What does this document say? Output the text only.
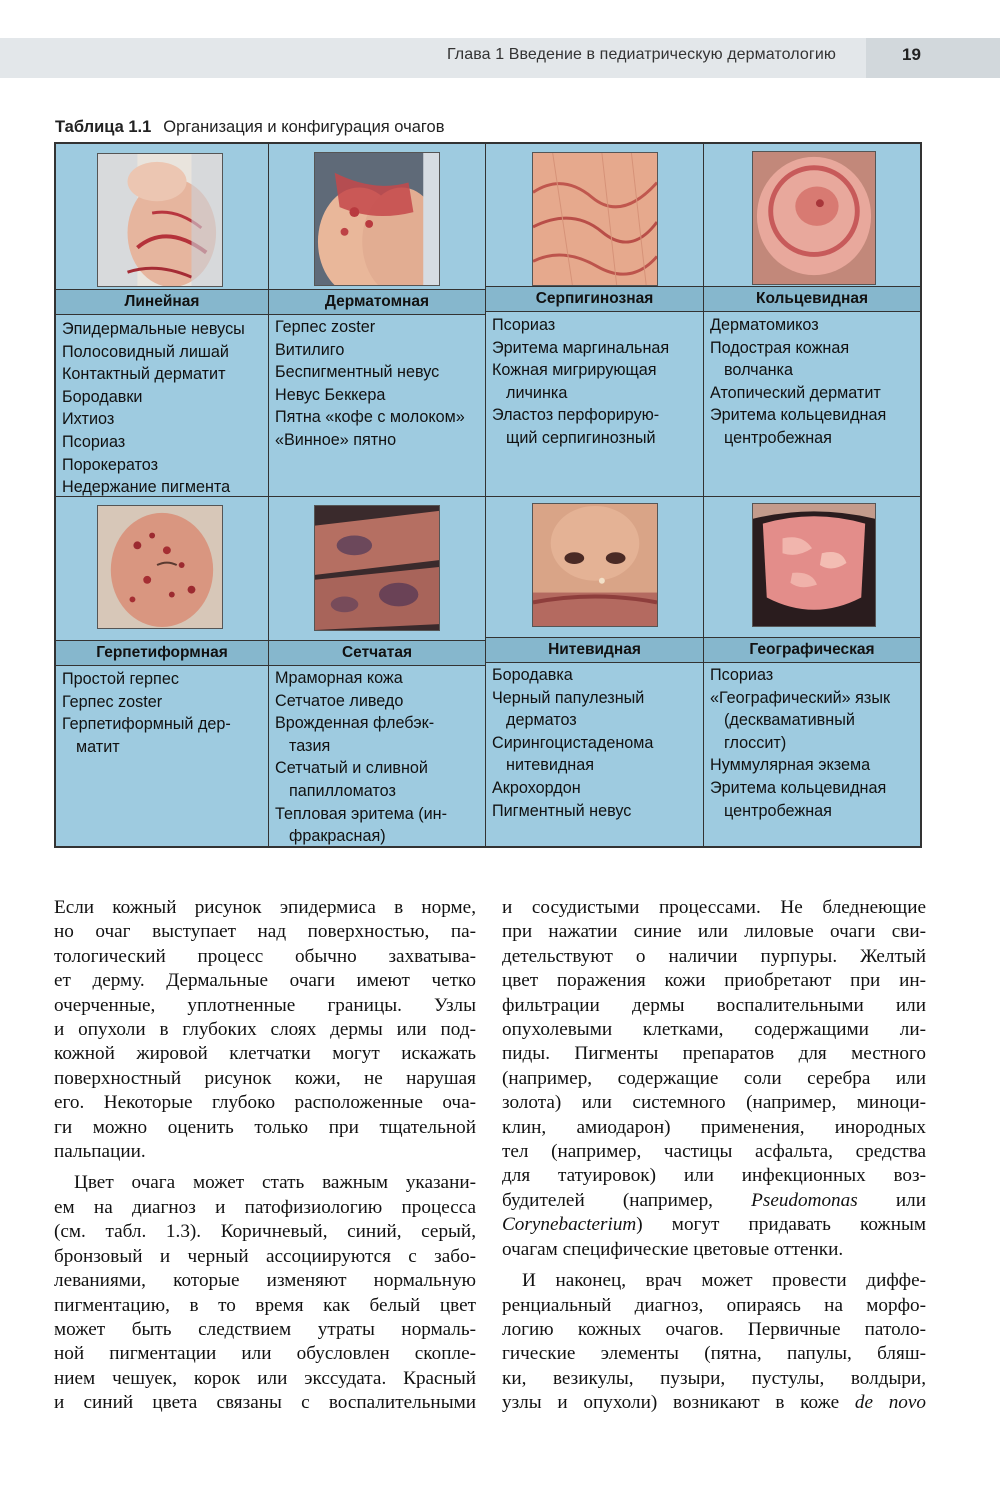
Глава 1 Введение в педиатрическую дерматологию	19
Таблица 1.1 Организация и конфигурация очагов
Линейная
Эпидермальные невусы
Полосовидный лишай
Контактный дерматит
Бородавки
Ихтиоз
Псориаз
Порокератоз
Недержание пигмента
Дерматомная
Герпес zoster
Витилиго
Беспигментный невус
Невус Беккера
Пятна «кофе с молоком»
«Винное» пятно
Серпигинозная
Псориаз
Эритема маргинальная
Кожная мигрирующая
личинка
Эластоз перфорирую-
щий серпигинозный
Кольцевидная
Дерматомикоз
Подострая кожная
волчанка
Атопический дерматит
Эритема кольцевидная
центробежная
Герпетиформная
Простой герпес
Герпес zoster
Герпетиформный дер-
матит
Сетчатая
Мраморная кожа
Сетчатое ливедо
Врожденная флебэк-
тазия
Сетчатый и сливной
папилломатоз
Тепловая эритема (ин-
фракрасная)
Нитевидная
Бородавка
Черный папулезный
дерматоз
Сирингоцистаденома
нитевидная
Акрохордон
Пигментный невус
Географическая
Псориаз
«Географический» язык
(десквамативный
глоссит)
Нуммулярная экзема
Эритема кольцевидная
центробежная
Если кожный рисунок эпидермиса в норме,
но очаг выступает над поверхностью, па-
тологический процесс обычно захватыва-
ет дерму. Дермальные очаги имеют четко
очерченные, уплотненные границы. Узлы
и опухоли в глубоких слоях дермы или под-
кожной жировой клетчатки могут искажать
поверхностный рисунок кожи, не нарушая
его. Некоторые глубоко расположенные оча-
ги можно оценить только при тщательной
пальпации.
Цвет очага может стать важным указани-
ем на диагноз и патофизиологию процесса
(см. табл. 1.3). Коричневый, синий, серый,
бронзовый и черный ассоциируются с забо-
леваниями, которые изменяют нормальную
пигментацию, в то время как белый цвет
может быть следствием утраты нормаль-
ной пигментации или обусловлен скопле-
нием чешуек, корок или экссудата. Красный
и синий цвета связаны с воспалительными
и сосудистыми процессами. Не бледнеющие
при нажатии синие или лиловые очаги сви-
детельствуют о наличии пурпуры. Желтый
цвет поражения кожи приобретают при ин-
фильтрации дермы воспалительными или
опухолевыми клетками, содержащими ли-
пиды. Пигменты препаратов для местного
(например, содержащие соли серебра или
золота) или системного (например, миноци-
клин, амиодарон) применения, инородных
тел (например, частицы асфальта, средства
для татуировок) или инфекционных воз-
будителей (например, Pseudomonas или
Corynebacterium) могут придавать кожным
очагам специфические цветовые оттенки.
И наконец, врач может провести диффе-
ренциальный диагноз, опираясь на морфо-
логию кожных очагов. Первичные патоло-
гические элементы (пятна, папулы, бляш-
ки, везикулы, пузыри, пустулы, волдыри,
узлы и опухоли) возникают в коже de novo
